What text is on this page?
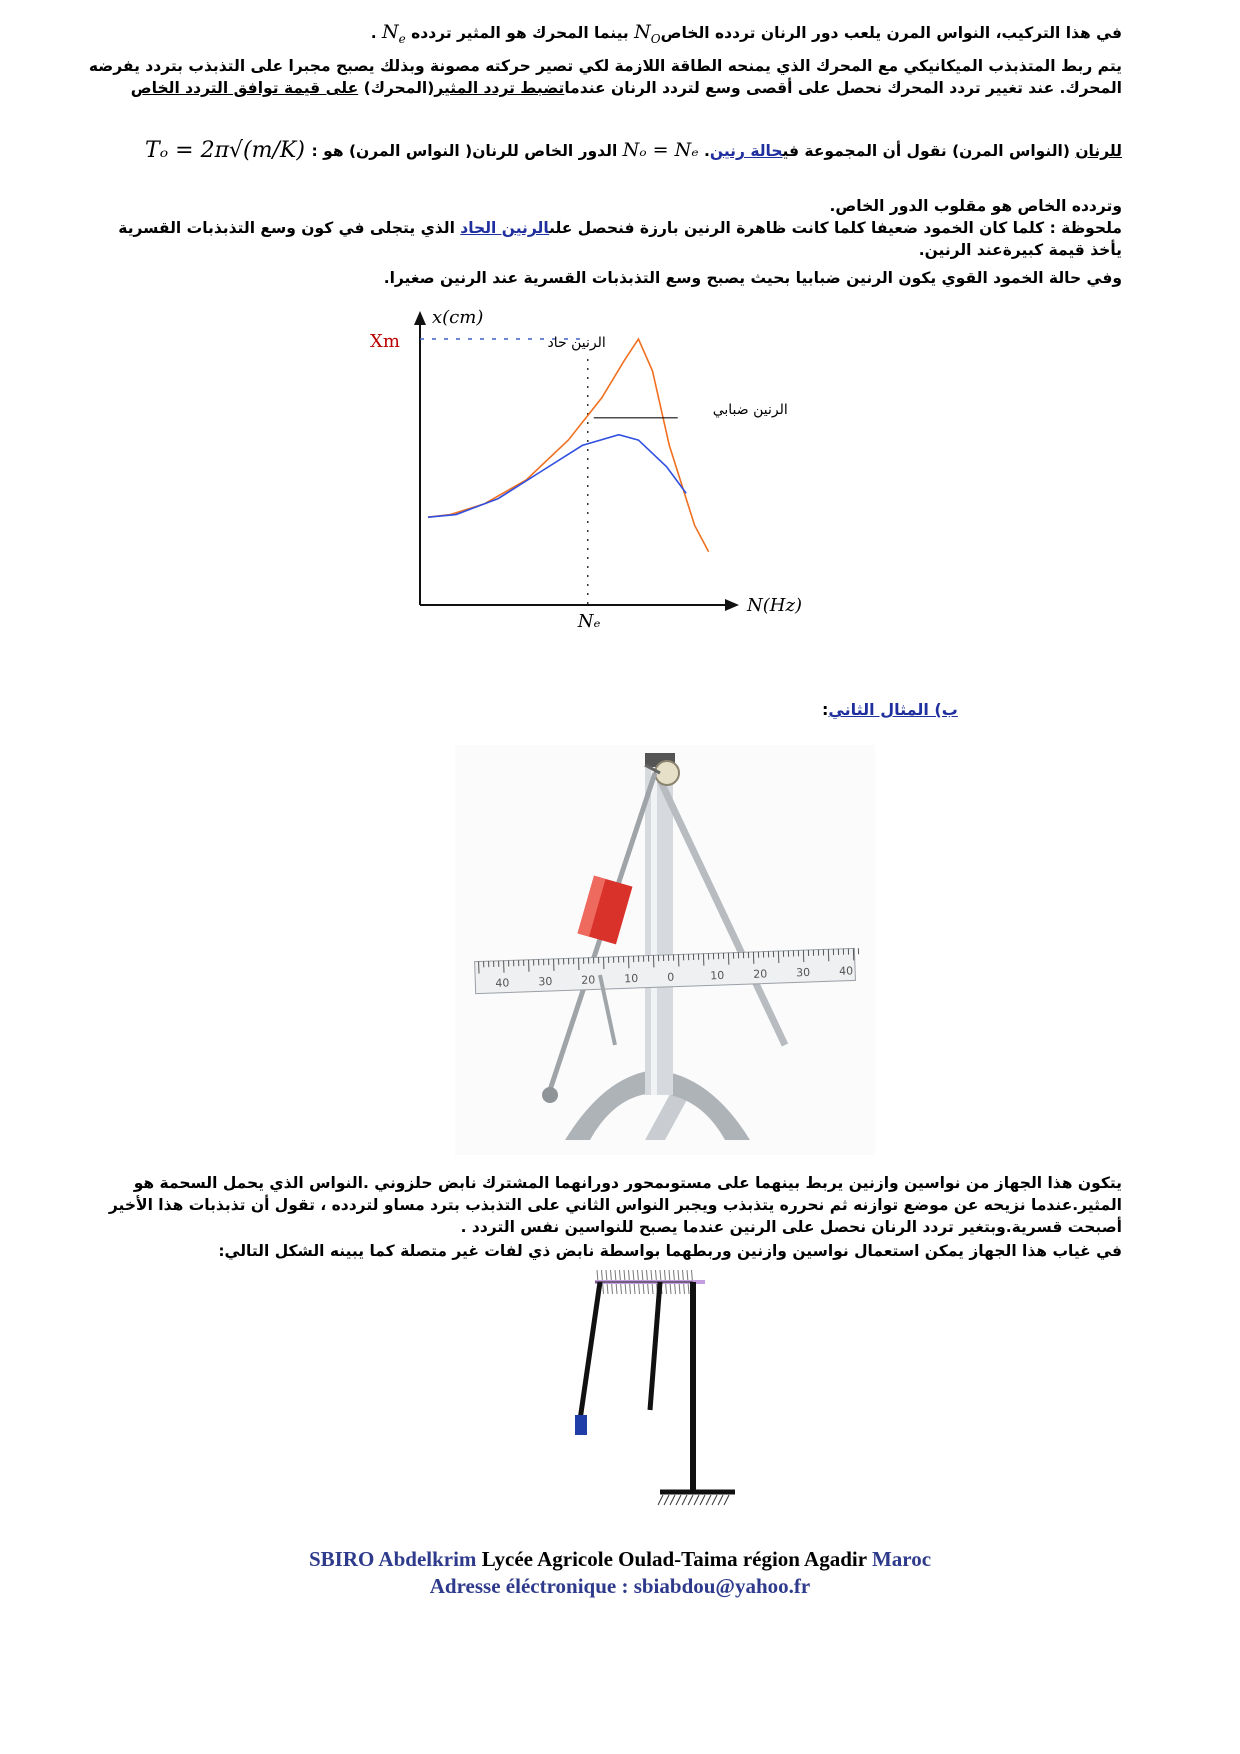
في هذا التركيب، النواس المرن يلعب دور الرنان تردده الخاصN$_O$ بينما المحرك هو المثير تردده $N_e$ .
يتم ربط المتذبذب الميكانيكي مع المحرك الذي يمنحه الطاقة اللازمة لكي تصير حركته مصونة وبذلك يصبح مجبرا على التذبذب بتردد يفرضه
المحرك. عند تغيير تردد المحرك نحصل على أقصى وسع لتردد الرنان عندماتضبط تردد المثير(المحرك) على قيمة توافق التردد الخاص
للرنان (النواس المرن) نقول أن المجموعة فيحالة رنين. Nₒ = Nₑ الدور الخاص للرنان( النواس المرن) هو :
Tₒ = 2π√(m/K)
وتردده الخاص هو مقلوب الدور الخاص.
ملحوظة : كلما كان الخمود ضعيفا كلما كانت ظاهرة الرنين بارزة فنحصل علىالرنين الحاد الذي يتجلى في كون وسع التذبذبات القسرية
يأخذ قيمة كبيرةعند الرنين.
وفي حالة الخمود القوي يكون الرنين ضبابيا بحيث يصبح وسع التذبذبات القسرية عند الرنين صغيرا.
x(cm)
N(Hz)
Xm
Nₑ
الرنين حاد
الرنين ضبابي
ب) المثال الثاني:
40	30	20	10	0	10	20	30	40
يتكون هذا الجهاز من نواسين وازنين يربط بينهما على مستوىمحور دورانهما المشترك نابض حلزوني .النواس الذي يحمل السحمة هو
المثير.عندما نزيحه عن موضع توازنه ثم نحرره يتذبذب ويجبر النواس الثاني على التذبذب بترد مساو لتردده ، تقول أن تذبذبات هذا الأخير
أصبحت قسرية.وبتغير تردد الرنان نحصل على الرنين عندما يصبح للنواسين نفس التردد .
في غياب هذا الجهاز يمكن استعمال نواسين وازنين وربطهما بواسطة نابض ذي لفات غير متصلة كما يبينه الشكل التالي:
SBIRO Abdelkrim Lycée Agricole Oulad-Taima région Agadir Maroc
Adresse éléctronique : sbiabdou@yahoo.fr
